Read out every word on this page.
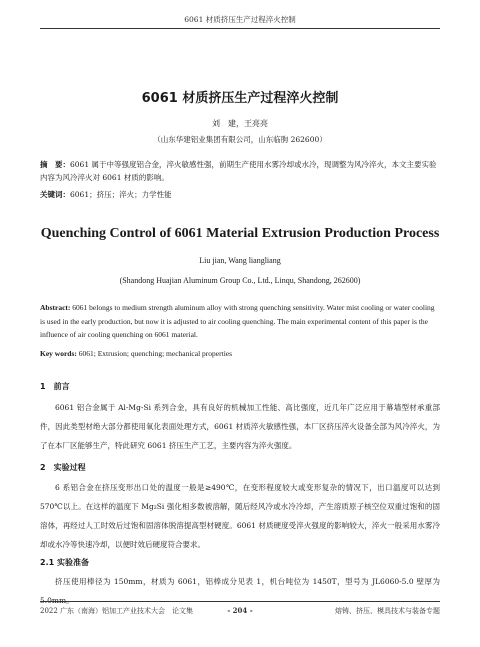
6061 材质挤压生产过程淬火控制
6061 材质挤压生产过程淬火控制
刘　建，王亮亮
（山东华建铝业集团有限公司，山东临朐 262600）
摘　要：6061 属于中等强度铝合金，淬火敏感性强，前期生产使用水雾冷却或水冷，现调整为风冷淬火，本文主要实验内容为风冷淬火对 6061 材质的影响。
关键词：6061；挤压；淬火；力学性能
Quenching Control of 6061 Material Extrusion Production Process
Liu jian, Wang liangliang
(Shandong Huajian Aluminum Group Co., Ltd., Linqu, Shandong, 262600)
Abstract: 6061 belongs to medium strength aluminum alloy with strong quenching sensitivity. Water mist cooling or water cooling is used in the early production, but now it is adjusted to air cooling quenching. The main experimental content of this paper is the influence of air cooling quenching on 6061 material.
Key words: 6061; Extrusion; quenching; mechanical properties
1　前言
6061 铝合金属于 Al-Mg-Si 系列合金，具有良好的机械加工性能、高比强度，近几年广泛应用于幕墙型材承重部件，因此类型材绝大部分都使用氧化表面处理方式，6061 材质淬火敏感性强，本厂区挤压淬火设备全部为风冷淬火，为了在本厂区能够生产，特此研究 6061 挤压生产工艺，主要内容为淬火强度。
2　实验过程
6 系铝合金在挤压变形出口处的温度一般是≥490℃，在变形程度较大或变形复杂的情况下，出口温度可以达到 570℃以上。在这样的温度下 Mg₂Si 强化相多数被溶解，随后经风冷或水冷冷却，产生溶质原子核空位双重过饱和的固溶体，再经过人工时效后过饱和固溶体脱溶提高型材硬度。6061 材质硬度受淬火强度的影响较大，淬火一般采用水雾冷却或水冷等快速冷却，以便时效后硬度符合要求。
2.1 实验准备
挤压使用棒径为 150mm，材质为 6061，铝棒成分见表 1，机台吨位为 1450T，型号为 JL6060-5.0 壁厚为 5.0mm。
2022 广东（南海）铝加工产业技术大会　论文集	- 204 -	熔铸、挤压、模具技术与装备专题
